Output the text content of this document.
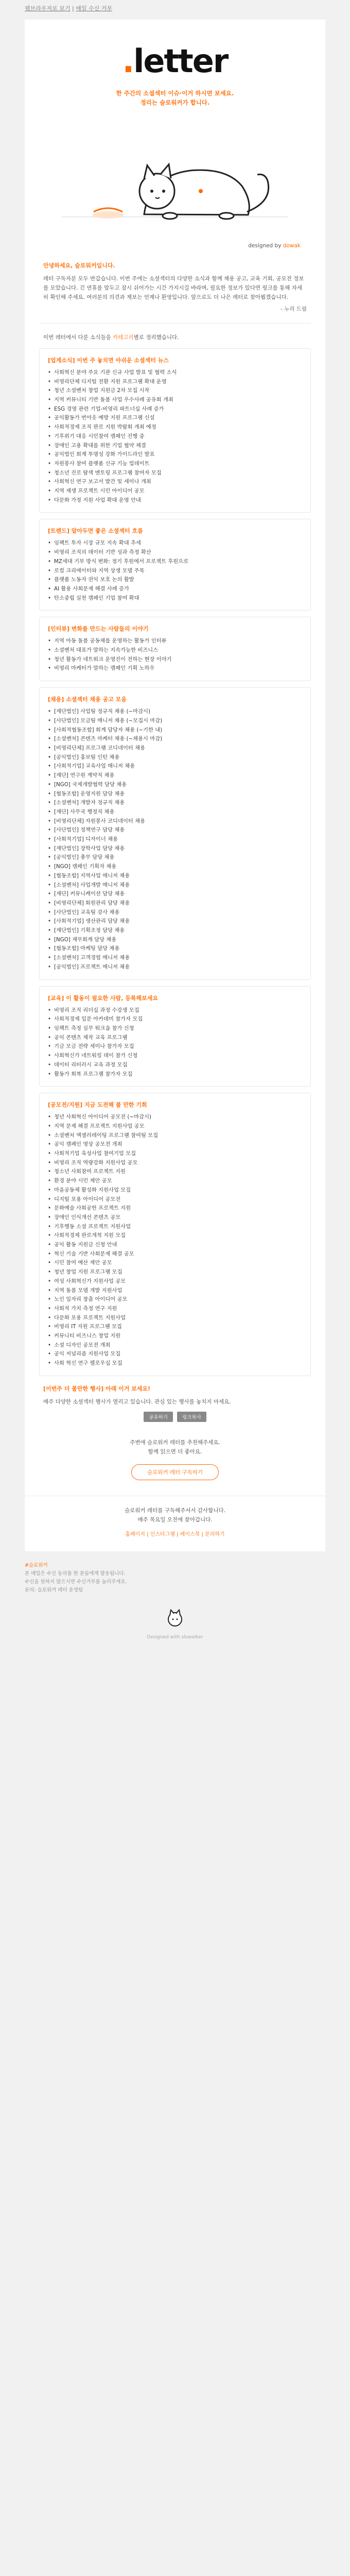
웹브라우저로 보기 | 메일 수신 거부
.letter
한 주간의 소셜섹터 이슈·이거 하시면 보세요.
정리는 슬로워커가 합니다.
designed by dowak
안녕하세요, 슬로워커입니다.
레터 구독자분 모두 반갑습니다. 이번 주에는 소셜섹터의 다양한 소식과 함께 채용 공고, 교육 기회, 공모전 정보를 모았습니다. 긴 연휴를 앞두고 잠시 쉬어가는 시간 가지시길 바라며, 필요한 정보가 있다면 링크를 통해 자세히 확인해 주세요. 여러분의 의견과 제보는 언제나 환영입니다. 앞으로도 더 나은 레터로 찾아뵙겠습니다.
- 누리 드림
이번 레터에서 다룬 소식들을 카테고리별로 정리했습니다.
[업계소식] 이번 주 놓치면 아쉬운 소셜섹터 뉴스
• 사회혁신 분야 주요 기관 신규 사업 발표 및 협력 소식
• 비영리단체 디지털 전환 지원 프로그램 확대 운영
• 청년 소셜벤처 창업 지원금 2차 모집 시작
• 지역 커뮤니티 기반 돌봄 사업 우수사례 공유회 개최
• ESG 경영 관련 기업-비영리 파트너십 사례 증가
• 공익활동가 번아웃 예방 지원 프로그램 신설
• 사회적경제 조직 판로 지원 박람회 개최 예정
• 기후위기 대응 시민참여 캠페인 진행 중
• 장애인 고용 확대를 위한 기업 협약 체결
• 공익법인 회계 투명성 강화 가이드라인 발표
• 자원봉사 참여 플랫폼 신규 기능 업데이트
• 청소년 진로 탐색 멘토링 프로그램 참여자 모집
• 사회혁신 연구 보고서 발간 및 세미나 개최
• 지역 재생 프로젝트 시민 아이디어 공모
• 다문화 가정 지원 사업 확대 운영 안내
[트렌드] 알아두면 좋은 소셜섹터 흐름
• 임팩트 투자 시장 규모 지속 확대 추세
• 비영리 조직의 데이터 기반 성과 측정 확산
• MZ세대 기부 방식 변화: 정기 후원에서 프로젝트 후원으로
• 로컬 크리에이터와 지역 상생 모델 주목
• 플랫폼 노동자 권익 보호 논의 활발
• AI 활용 사회문제 해결 사례 증가
• 탄소중립 실천 캠페인 기업 참여 확대
[인터뷰] 변화를 만드는 사람들의 이야기
• 지역 아동 돌봄 공동체를 운영하는 활동가 인터뷰
• 소셜벤처 대표가 말하는 지속가능한 비즈니스
• 청년 활동가 네트워크 운영진이 전하는 현장 이야기
• 비영리 마케터가 말하는 캠페인 기획 노하우
[채용] 소셜섹터 채용 공고 모음
• [재단법인] 사업팀 정규직 채용 (~마감시)
• [사단법인] 모금팀 매니저 채용 (~모집시 마감)
• [사회적협동조합] 회계 담당자 채용 (~기한 내)
• [소셜벤처] 콘텐츠 마케터 채용 (~채용시 마감)
• [비영리단체] 프로그램 코디네이터 채용
• [공익법인] 홍보팀 인턴 채용
• [사회적기업] 교육사업 매니저 채용
• [재단] 연구원 계약직 채용
• [NGO] 국제개발협력 담당 채용
• [협동조합] 운영지원 담당 채용
• [소셜벤처] 개발자 정규직 채용
• [재단] 사무국 행정직 채용
• [비영리단체] 자원봉사 코디네이터 채용
• [사단법인] 정책연구 담당 채용
• [사회적기업] 디자이너 채용
• [재단법인] 장학사업 담당 채용
• [공익법인] 총무 담당 채용
• [NGO] 캠페인 기획자 채용
• [협동조합] 지역사업 매니저 채용
• [소셜벤처] 사업개발 매니저 채용
• [재단] 커뮤니케이션 담당 채용
• [비영리단체] 회원관리 담당 채용
• [사단법인] 교육팀 강사 채용
• [사회적기업] 생산관리 담당 채용
• [재단법인] 기획조정 담당 채용
• [NGO] 재무회계 담당 채용
• [협동조합] 마케팅 담당 채용
• [소셜벤처] 고객경험 매니저 채용
• [공익법인] 프로젝트 매니저 채용
[교육] 이 활동이 필요한 사람, 등록해보세요
• 비영리 조직 리더십 과정 수강생 모집
• 사회적경제 입문 아카데미 참가자 모집
• 임팩트 측정 실무 워크숍 참가 신청
• 공익 콘텐츠 제작 교육 프로그램
• 기금 모금 전략 세미나 참가자 모집
• 사회혁신가 네트워킹 데이 참가 신청
• 데이터 리터러시 교육 과정 모집
• 활동가 회복 프로그램 참가자 모집
[공모전/지원] 지금 도전해 볼 만한 기회
• 청년 사회혁신 아이디어 공모전 (~마감시)
• 지역 문제 해결 프로젝트 지원사업 공모
• 소셜벤처 액셀러레이팅 프로그램 참여팀 모집
• 공익 캠페인 영상 공모전 개최
• 사회적기업 육성사업 참여기업 모집
• 비영리 조직 역량강화 지원사업 공모
• 청소년 사회참여 프로젝트 지원
• 환경 분야 시민 제안 공모
• 마을공동체 활성화 지원사업 모집
• 디지털 포용 아이디어 공모전
• 문화예술 사회공헌 프로젝트 지원
• 장애인 인식개선 콘텐츠 공모
• 기후행동 소셜 프로젝트 지원사업
• 사회적경제 판로개척 지원 모집
• 공익 활동 지원금 신청 안내
• 혁신 기술 기반 사회문제 해결 공모
• 시민 참여 예산 제안 공모
• 청년 창업 지원 프로그램 모집
• 여성 사회혁신가 지원사업 공모
• 지역 돌봄 모델 개발 지원사업
• 노인 일자리 창출 아이디어 공모
• 사회적 가치 측정 연구 지원
• 다문화 포용 프로젝트 지원사업
• 비영리 IT 지원 프로그램 모집
• 커뮤니티 비즈니스 창업 지원
• 소셜 디자인 공모전 개최
• 공익 저널리즘 지원사업 모집
• 사회 혁신 연구 펠로우십 모집
[이번주 더 볼만한 행사] 아래 이거 보세요!
매주 다양한 소셜섹터 행사가 열리고 있습니다. 관심 있는 행사를 놓치지 마세요.
공유하기	링크복사

주변에 슬로워커 레터를 추천해주세요.

함께 읽으면 더 좋아요.

슬로워커 레터 구독하기

슬로워커 레터를 구독해주셔서 감사합니다.

매주 목요일 오전에 찾아갑니다.

홈페이지 | 인스타그램 | 페이스북 | 문의하기
#슬로워커
본 메일은 수신 동의를 한 분들에게 발송됩니다.
수신을 원하지 않으시면 수신거부를 눌러주세요.
문의: 슬로워커 레터 운영팀
Designed with slowalker
